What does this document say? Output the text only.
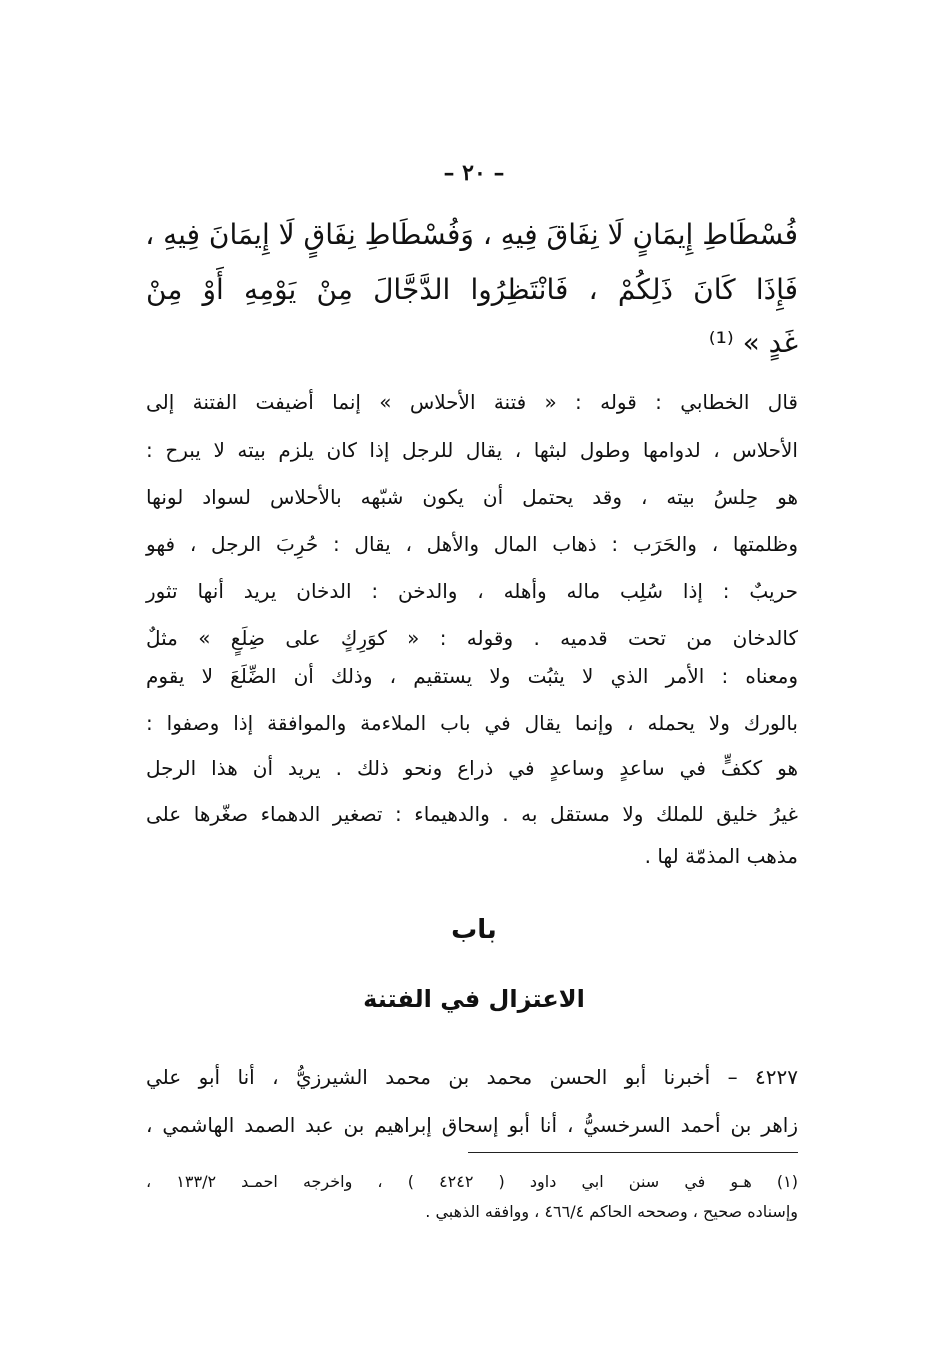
– ٢٠ –
فُسْطَاطِ إِيمَانٍ لَا نِفَاقَ فِيهِ ، وَفُسْطَاطِ نِفَاقٍ لَا إِيمَانَ فِيهِ ،
فَإِذَا كَانَ ذَلِكُمْ ، فَانْتَظِرُوا الدَّجَّالَ مِنْ يَوْمِهِ أَوْ مِنْ
غَدٍ » ⁽¹⁾
قال الخطابي : قوله : « فتنة الأحلاس » إنما أضيفت الفتنة إلى
الأحلاس ، لدوامها وطول لبثها ، يقال للرجل إذا كان يلزم بيته لا يبرح :
هو حِلسُ بيته ، وقد يحتمل أن يكون شبّهه بالأحلاس لسواد لونها
وظلمتها ، والحَرَب : ذهاب المال والأهل ، يقال : حُرِبَ الرجل ، فهو
حريبٌ : إذا سُلِب ماله وأهله ، والدخن : الدخان يريد أنها تثور
كالدخان من تحت قدميه . وقوله : « كوَرِكٍ على ضِلَعٍ » مثلٌ
ومعناه : الأمر الذي لا يثبُت ولا يستقيم ، وذلك أن الضِّلَعَ لا يقوم
بالورك ولا يحمله ، وإنما يقال في باب الملاءمة والموافقة إذا وصفوا :
هو ككفٍّ في ساعدٍ وساعدٍ في ذراع ونحو ذلك . يريد أن هذا الرجل
غيرُ خليق للملك ولا مستقل به . والدهيماء : تصغير الدهماء صغّرها على
مذهب المذمّة لها .
باب
الاعتزال في الفتنة
٤٢٢٧ – أخبرنا أبو الحسن محمد بن محمد الشيرزيُّ ، أنا أبو علي
زاهر بن أحمد السرخسيُّ ، أنا أبو إسحاق إبراهيم بن عبد الصمد الهاشمي ،
(١) هـو في سنن ابي داود ( ٤٢٤٢ ) ، واخرجه احمـد ١٣٣/٢ ،
وإسناده صحيح ، وصححه الحاكم ٤٦٦/٤ ، ووافقه الذهبي .
